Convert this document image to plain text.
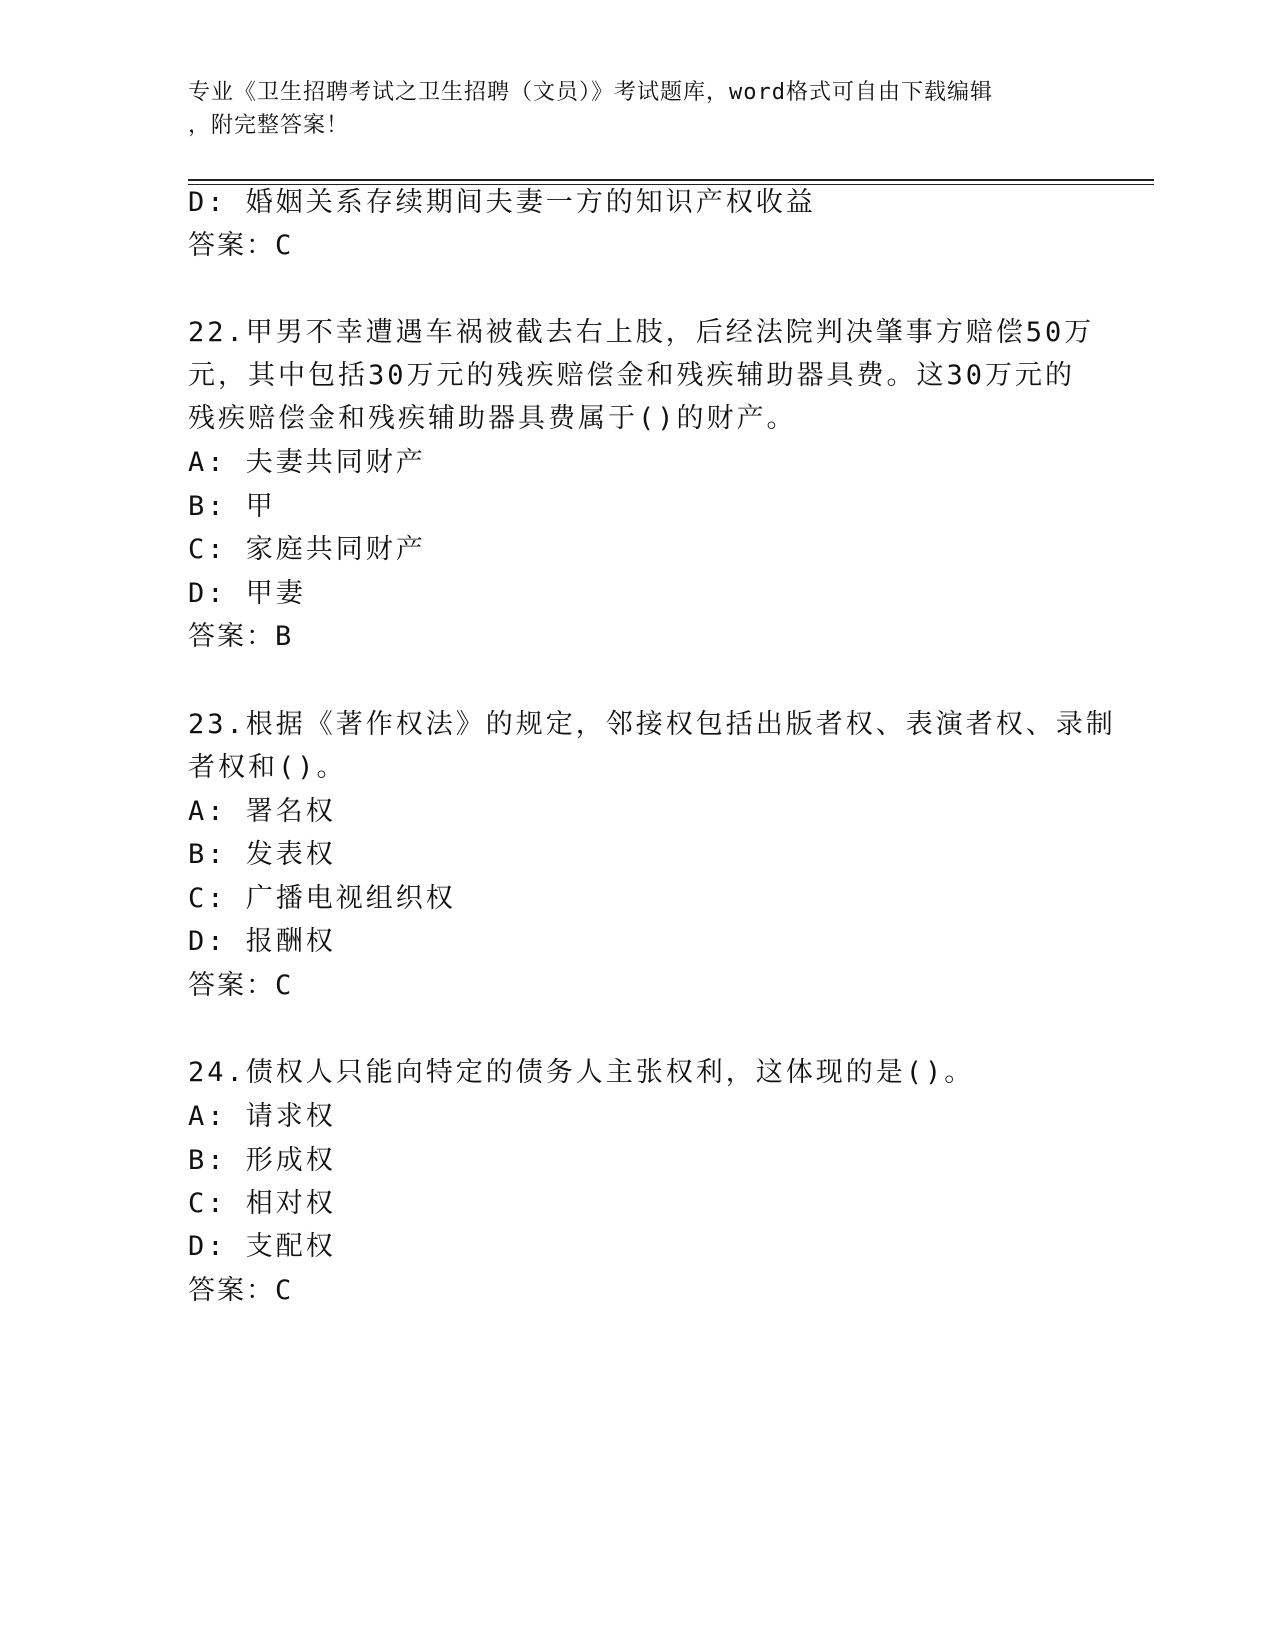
专业《卫生招聘考试之卫生招聘（文员）》考试题库，word格式可自由下载编辑
，附完整答案！
D: 婚姻关系存续期间夫妻一方的知识产权收益
答案：C
22.甲男不幸遭遇车祸被截去右上肢，后经法院判决肇事方赔偿50万
元，其中包括30万元的残疾赔偿金和残疾辅助器具费。这30万元的
残疾赔偿金和残疾辅助器具费属于()的财产。
A: 夫妻共同财产
B: 甲
C: 家庭共同财产
D: 甲妻
答案：B
23.根据《著作权法》的规定，邻接权包括出版者权、表演者权、录制
者权和()。
A: 署名权
B: 发表权
C: 广播电视组织权
D: 报酬权
答案：C
24.债权人只能向特定的债务人主张权利，这体现的是()。
A: 请求权
B: 形成权
C: 相对权
D: 支配权
答案：C
